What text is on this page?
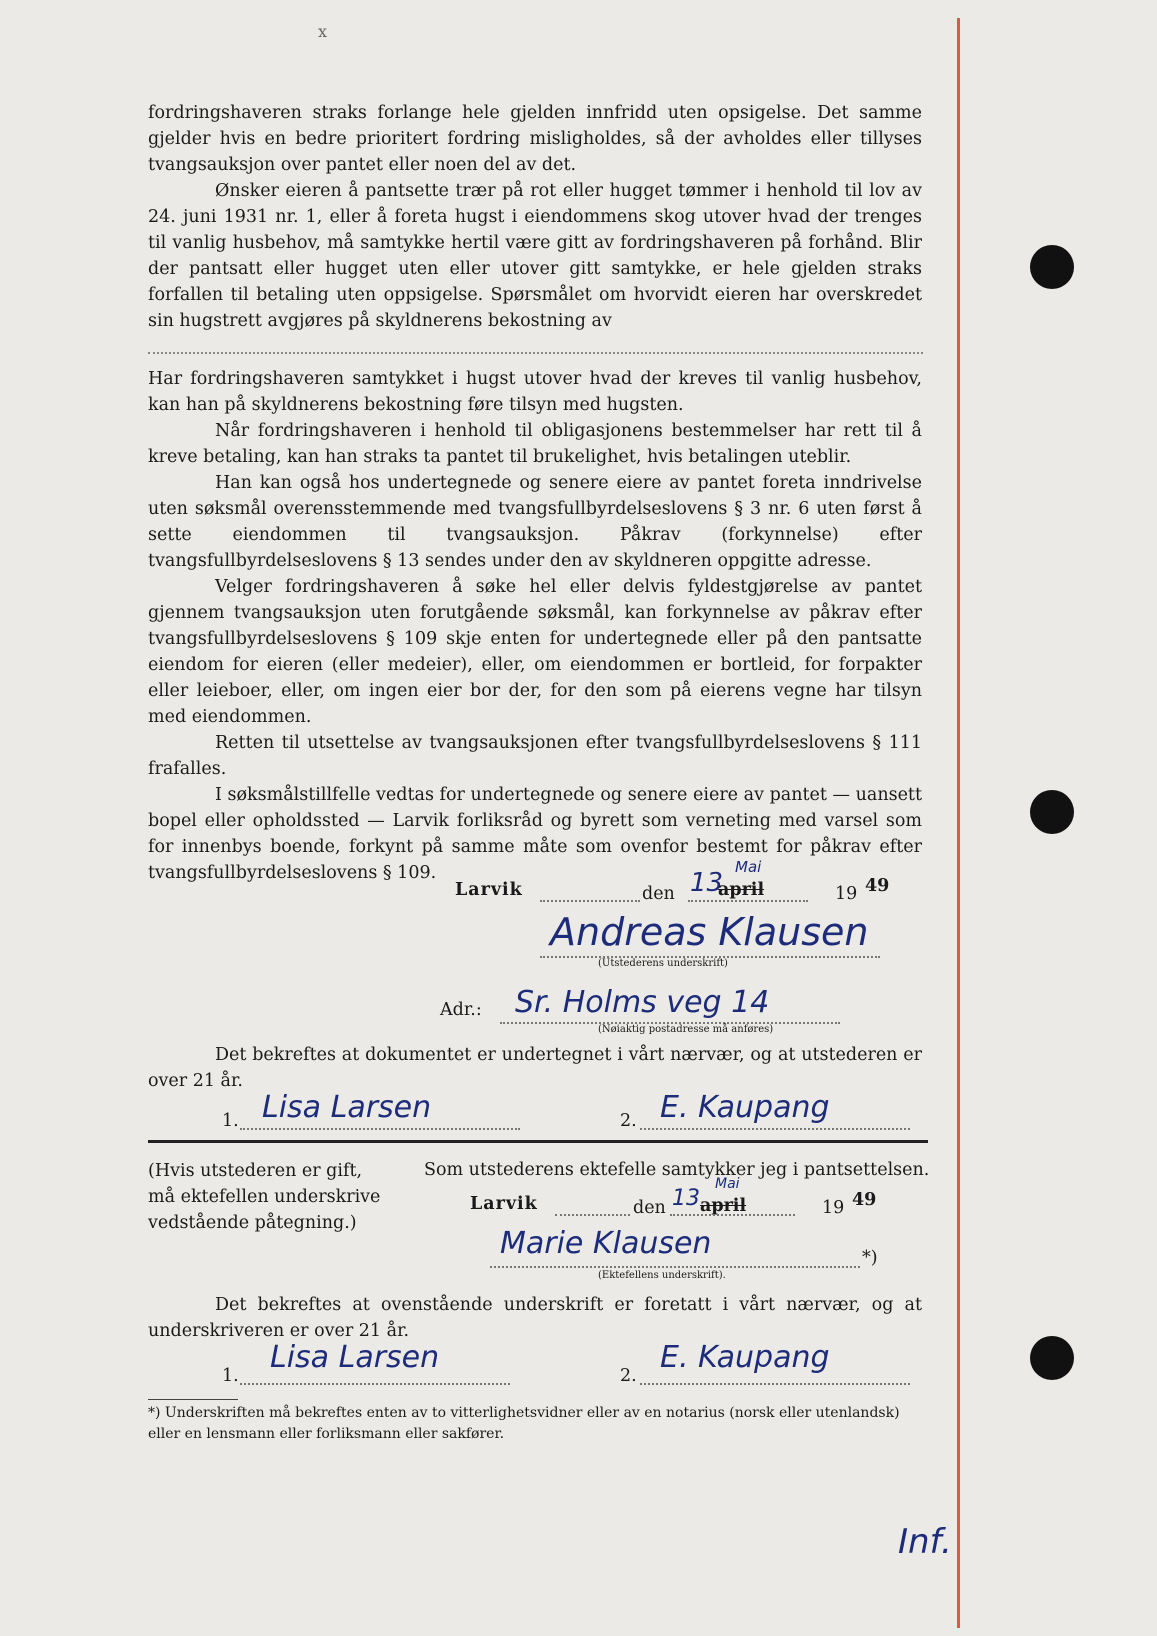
x

fordringshaveren straks forlange hele gjelden innfridd uten opsigelse. Det samme gjelder hvis en bedre prioritert fordring misligholdes, så der avholdes eller tillyses tvangsauksjon over pantet eller noen del av det.

Ønsker eieren å pantsette trær på rot eller hugget tømmer i henhold til lov av 24. juni 1931 nr. 1, eller å foreta hugst i eiendommens skog utover hvad der trenges til vanlig husbehov, må samtykke hertil være gitt av fordringshaveren på forhånd. Blir der pantsatt eller hugget uten eller utover gitt samtykke, er hele gjelden straks forfallen til betaling uten oppsigelse. Spørsmålet om hvorvidt eieren har overskredet sin hugstrett avgjøres på skyldnerens bekostning av

Har fordringshaveren samtykket i hugst utover hvad der kreves til vanlig husbehov, kan han på skyldnerens bekostning føre tilsyn med hugsten.

Når fordringshaveren i henhold til obligasjonens bestemmelser har rett til å kreve betaling, kan han straks ta pantet til brukelighet, hvis betalingen uteblir.

Han kan også hos undertegnede og senere eiere av pantet foreta inndrivelse uten søksmål overensstemmende med tvangsfullbyrdelseslovens § 3 nr. 6 uten først å sette eiendommen til tvangsauksjon. Påkrav (forkynnelse) efter tvangsfullbyrdelseslovens § 13 sendes under den av skyldneren oppgitte adresse.

Velger fordringshaveren å søke hel eller delvis fyldestgjørelse av pantet gjennem tvangsauksjon uten forutgående søksmål, kan forkynnelse av påkrav efter tvangsfullbyrdelseslovens § 109 skje enten for undertegnede eller på den pantsatte eiendom for eieren (eller medeier), eller, om eiendommen er bortleid, for forpakter eller leieboer, eller, om ingen eier bor der, for den som på eierens vegne har tilsyn med eiendommen.

Retten til utsettelse av tvangsauksjonen efter tvangsfullbyrdelseslovens § 111 frafalles.

I søksmålstillfelle vedtas for undertegnede og senere eiere av pantet — uansett bopel eller opholdssted — Larvik forliksråd og byrett som verneting med varsel som for innenbys boende, forkynt på samme måte som ovenfor bestemt for påkrav efter tvangsfullbyrdelseslovens § 109.

Larvik	den 13
Mai
april	19 49
Andreas Klausen
(Utstederens underskrift)
Adr.: Sr. Holms veg 14
(Nøiaktig postadresse må anføres)

Det bekreftes at dokumentet er undertegnet i vårt nærvær, og at utstederen er over 21 år.

1. Lisa Larsen	2. E. Kaupang
(Hvis utstederen er gift, må ektefellen underskrive vedstående påtegning.)
Som utstederens ektefelle samtykker jeg i pantsettelsen.
Larvik	den 13
Mai
april	19 49
Marie Klausen	*)
(Ektefellens underskrift).

Det bekreftes at ovenstående underskrift er foretatt i vårt nærvær, og at underskriveren er over 21 år.

1.
Lisa Larsen
2.
E. Kaupang
*) Underskriften må bekreftes enten av to vitterlighetsvidner eller av en notarius (norsk eller utenlandsk) eller en lensmann eller forliksmann eller sakfører.
Inf.
